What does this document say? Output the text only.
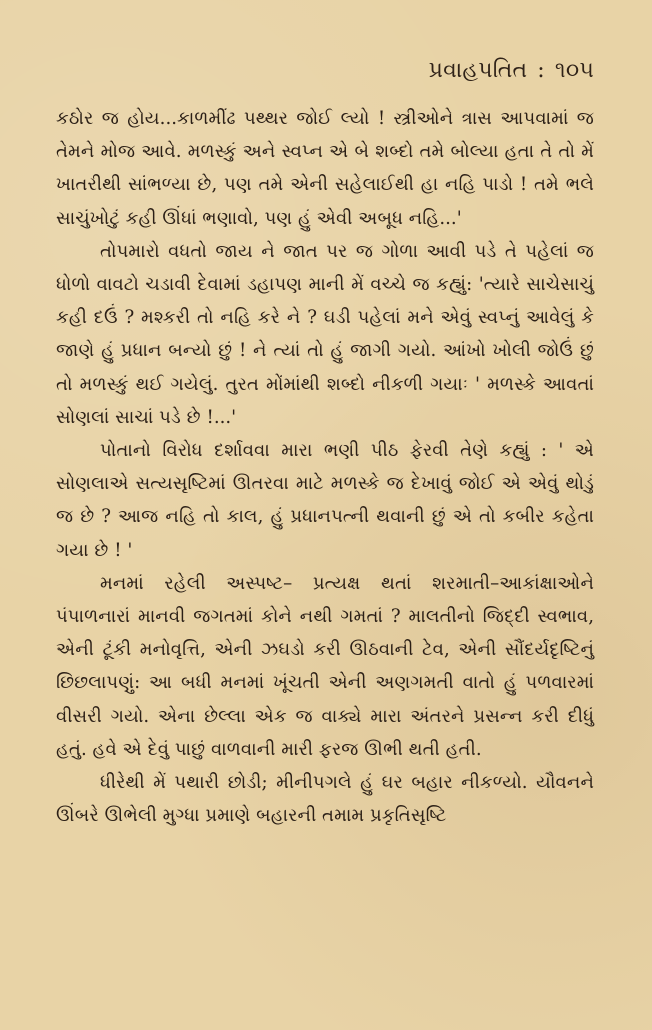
પ્રવાહપતિત : ૧૦૫

કઠોર જ હોય...કાળમીંઢ પથ્થર જોઈ લ્યો ! સ્ત્રીઓને ત્રાસ આપવામાં જ તેમને મોજ આવે. મળસ્કું અને સ્વપ્ન એ બે શબ્દો તમે બોલ્યા હતા તે તો મેં ખાતરીથી સાંભળ્યા છે, પણ તમે એની સહેલાઈથી હા નહિ પાડો ! તમે ભલે સાચુંખોટું કહી ઊંધાં ભણાવો, પણ હું એવી અબૂધ નહિ...'

તોપમારો વધતો જાય ને જાત પર જ ગોળા આવી પડે તે પહેલાં જ ધોળો વાવટો ચડાવી દેવામાં ડહાપણ માની મેં વચ્ચે જ કહ્યું: 'ત્યારે સાચેસાચું કહી દઉં ? મશ્કરી તો નહિ કરે ને ? ઘડી પહેલાં મને એવું સ્વપ્નું આવેલું કે જાણે હું પ્રધાન બન્યો છું ! ને ત્યાં તો હું જાગી ગયો. આંખો ખોલી જોઉં છું તો મળસ્કું થઈ ગયેલું. તુરત મોંમાંથી શબ્દો નીકળી ગયાઃ ' મળસ્કે આવતાં સોણલાં સાચાં પડે છે !...'

પોતાનો વિરોધ દર્શાવવા મારા ભણી પીઠ ફેરવી તેણે કહ્યું : ' એ સોણલાએ સત્યસૃષ્ટિમાં ઊતરવા માટે મળસ્કે જ દેખાવું જોઈ એ એવું થોડું જ છે ? આજ નહિ તો કાલ, હું પ્રધાનપત્ની થવાની છું એ તો કબીર કહેતા ગયા છે ! '

મનમાં રહેલી અસ્પષ્ટ– પ્રત્યક્ષ થતાં શરમાતી–આકાંક્ષાઓને પંપાળનારાં માનવી જગતમાં કોને નથી ગમતાં ? માલતીનો જિદ્દી સ્વભાવ, એની ટૂંકી મનોવૃત્તિ, એની ઝઘડો કરી ઊઠવાની ટેવ, એની સૌંદર્યદૃષ્ટિનું છિછલાપણું: આ બધી મનમાં ખૂંચતી એની અણગમતી વાતો હું પળવારમાં વીસરી ગયો. એના છેલ્લા એક જ વાક્યે મારા અંતરને પ્રસન્ન કરી દીધું હતું. હવે એ દેવું પાછું વાળવાની મારી ફરજ ઊભી થતી હતી.

ધીરેથી મેં પથારી છોડી; મીનીપગલે હું ઘર બહાર નીકળ્યો. યૌવનને ઊંબરે ઊભેલી મુગ્ધા પ્રમાણે બહારની તમામ પ્રકૃતિસૃષ્ટિ
